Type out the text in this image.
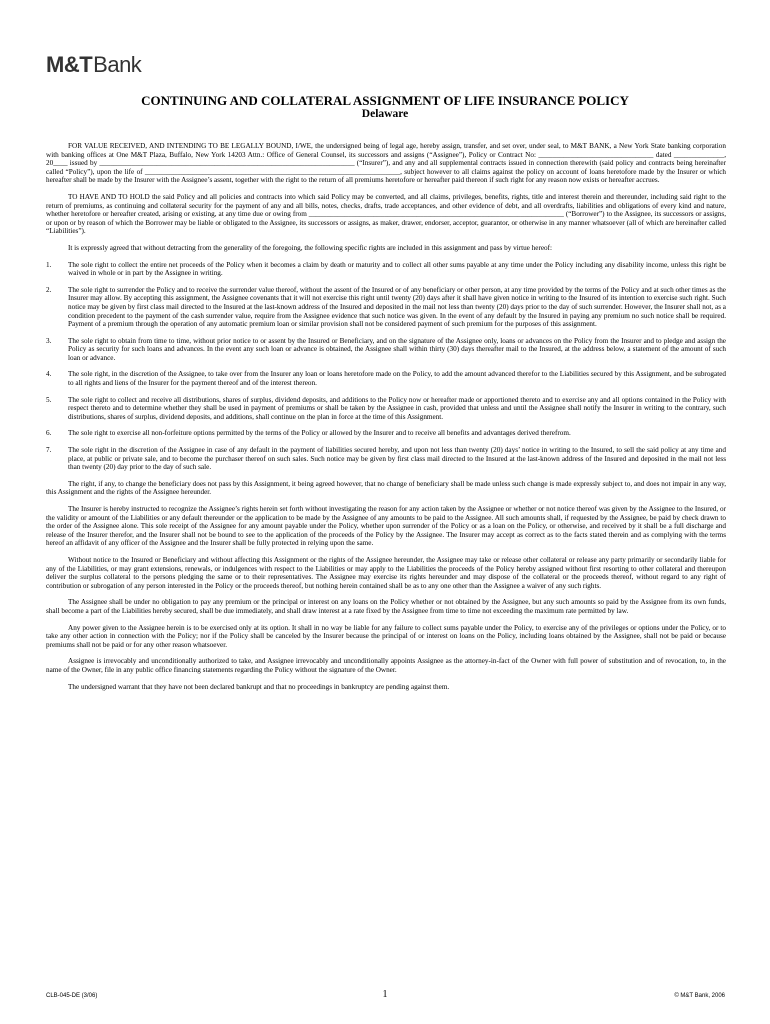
M&TBank
CONTINUING AND COLLATERAL ASSIGNMENT OF LIFE INSURANCE POLICY
Delaware

FOR VALUE RECEIVED, AND INTENDING TO BE LEGALLY BOUND, I/WE, the undersigned being of legal age, hereby assign, transfer, and set over, under seal, to M&T BANK, a New York State banking corporation with banking offices at One M&T Plaza, Buffalo, New York 14203 Attn.: Office of General Counsel, its successors and assigns (“Assignee”), Policy or Contract No: ________________________________ dated ______________, 20____ issued by _______________________________________________________________________ (“Insurer”), and any and all supplemental contracts issued in connection therewith (said policy and contracts being hereinafter called “Policy”), upon the life of _______________________________________________________________________, subject however to all claims against the policy on account of loans heretofore made by the Insurer or which hereafter shall be made by the Insurer with the Assignee’s assent, together with the right to the return of all premiums heretofore or hereafter paid thereon if such right for any reason now exists or hereafter accrues.

TO HAVE AND TO HOLD the said Policy and all policies and contracts into which said Policy may be converted, and all claims, privileges, benefits, rights, title and interest therein and thereunder, including said right to the return of premiums, as continuing and collateral security for the payment of any and all bills, notes, checks, drafts, trade acceptances, and other evidence of debt, and all overdrafts, liabilities and obligations of every kind and nature, whether heretofore or hereafter created, arising or existing, at any time due or owing from _______________________________________________________________________ (“Borrower”) to the Assignee, its successors or assigns, or upon or by reason of which the Borrower may be liable or obligated to the Assignee, its successors or assigns, as maker, drawer, endorser, acceptor, guarantor, or otherwise in any manner whatsoever (all of which are hereinafter called “Liabilities”).

It is expressly agreed that without detracting from the generality of the foregoing, the following specific rights are included in this assignment and pass by virtue hereof:

1. The sole right to collect the entire net proceeds of the Policy when it becomes a claim by death or maturity and to collect all other sums payable at any time under the Policy including any disability income, unless this right be waived in whole or in part by the Assignee in writing.
2. The sole right to surrender the Policy and to receive the surrender value thereof, without the assent of the Insured or of any beneficiary or other person, at any time provided by the terms of the Policy and at such other times as the Insurer may allow. By accepting this assignment, the Assignee covenants that it will not exercise this right until twenty (20) days after it shall have given notice in writing to the Insured of its intention to exercise such right. Such notice may be given by first class mail directed to the Insured at the last-known address of the Insured and deposited in the mail not less than twenty (20) days prior to the day of such surrender. However, the Insurer shall not, as a condition precedent to the payment of the cash surrender value, require from the Assignee evidence that such notice was given. In the event of any default by the Insured in paying any premium no such notice shall be required. Payment of a premium through the operation of any automatic premium loan or similar provision shall not be considered payment of such premium for the purposes of this assignment.
3. The sole right to obtain from time to time, without prior notice to or assent by the Insured or Beneficiary, and on the signature of the Assignee only, loans or advances on the Policy from the Insurer and to pledge and assign the Policy as security for such loans and advances. In the event any such loan or advance is obtained, the Assignee shall within thirty (30) days thereafter mail to the Insured, at the address below, a statement of the amount of such loan or advance.
4. The sole right, in the discretion of the Assignee, to take over from the Insurer any loan or loans heretofore made on the Policy, to add the amount advanced therefor to the Liabilities secured by this Assignment, and be subrogated to all rights and liens of the Insurer for the payment thereof and of the interest thereon.
5. The sole right to collect and receive all distributions, shares of surplus, dividend deposits, and additions to the Policy now or hereafter made or apportioned thereto and to exercise any and all options contained in the Policy with respect thereto and to determine whether they shall be used in payment of premiums or shall be taken by the Assignee in cash, provided that unless and until the Assignee shall notify the Insurer in writing to the contrary, such distributions, shares of surplus, dividend deposits, and additions, shall continue on the plan in force at the time of this Assignment.
6. The sole right to exercise all non-forfeiture options permitted by the terms of the Policy or allowed by the Insurer and to receive all benefits and advantages derived therefrom.
7. The sole right in the discretion of the Assignee in case of any default in the payment of liabilities secured hereby, and upon not less than twenty (20) days’ notice in writing to the Insured, to sell the said policy at any time and place, at public or private sale, and to become the purchaser thereof on such sales. Such notice may be given by first class mail directed to the Insured at the last-known address of the Insured and deposited in the mail not less than twenty (20) day prior to the day of such sale.

The right, if any, to change the beneficiary does not pass by this Assignment, it being agreed however, that no change of beneficiary shall be made unless such change is made expressly subject to, and does not impair in any way, this Assignment and the rights of the Assignee hereunder.

The Insurer is hereby instructed to recognize the Assignee’s rights herein set forth without investigating the reason for any action taken by the Assignee or whether or not notice thereof was given by the Assignee to the Insured, or the validity or amount of the Liabilities or any default thereunder or the application to be made by the Assignee of any amounts to be paid to the Assignee. All such amounts shall, if requested by the Assignee, be paid by check drawn to the order of the Assignee alone. This sole receipt of the Assignee for any amount payable under the Policy, whether upon surrender of the Policy or as a loan on the Policy, or otherwise, and received by it shall be a full discharge and release of the Insurer therefor, and the Insurer shall not be bound to see to the application of the proceeds of the Policy by the Assignee. The Insurer may accept as correct as to the facts stated therein and as complying with the terms hereof an affidavit of any officer of the Assignee and the Insurer shall be fully protected in relying upon the same.

Without notice to the Insured or Beneficiary and without affecting this Assignment or the rights of the Assignee hereunder, the Assignee may take or release other collateral or release any party primarily or secondarily liable for any of the Liabilities, or may grant extensions, renewals, or indulgences with respect to the Liabilities or may apply to the Liabilities the proceeds of the Policy hereby assigned without first resorting to other collateral and thereupon deliver the surplus collateral to the persons pledging the same or to their representatives. The Assignee may exercise its rights hereunder and may dispose of the collateral or the proceeds thereof, without regard to any right of contribution or subrogation of any person interested in the Policy or the proceeds thereof, but nothing herein contained shall be as to any one other than the Assignee a waiver of any such rights.

The Assignee shall be under no obligation to pay any premium or the principal or interest on any loans on the Policy whether or not obtained by the Assignee, but any such amounts so paid by the Assignee from its own funds, shall become a part of the Liabilities hereby secured, shall be due immediately, and shall draw interest at a rate fixed by the Assignee from time to time not exceeding the maximum rate permitted by law.

Any power given to the Assignee herein is to be exercised only at its option. It shall in no way be liable for any failure to collect sums payable under the Policy, to exercise any of the privileges or options under the Policy, or to take any other action in connection with the Policy; nor if the Policy shall be canceled by the Insurer because the principal of or interest on loans on the Policy, including loans obtained by the Assignee, shall not be paid or because premiums shall not be paid or for any other reason whatsoever.

Assignee is irrevocably and unconditionally authorized to take, and Assignee irrevocably and unconditionally appoints Assignee as the attorney-in-fact of the Owner with full power of substitution and of revocation, to, in the name of the Owner, file in any public office financing statements regarding the Policy without the signature of the Owner.

The undersigned warrant that they have not been declared bankrupt and that no proceedings in bankruptcy are pending against them.

CLB-045-DE (3/06)	1	© M&T Bank, 2006
